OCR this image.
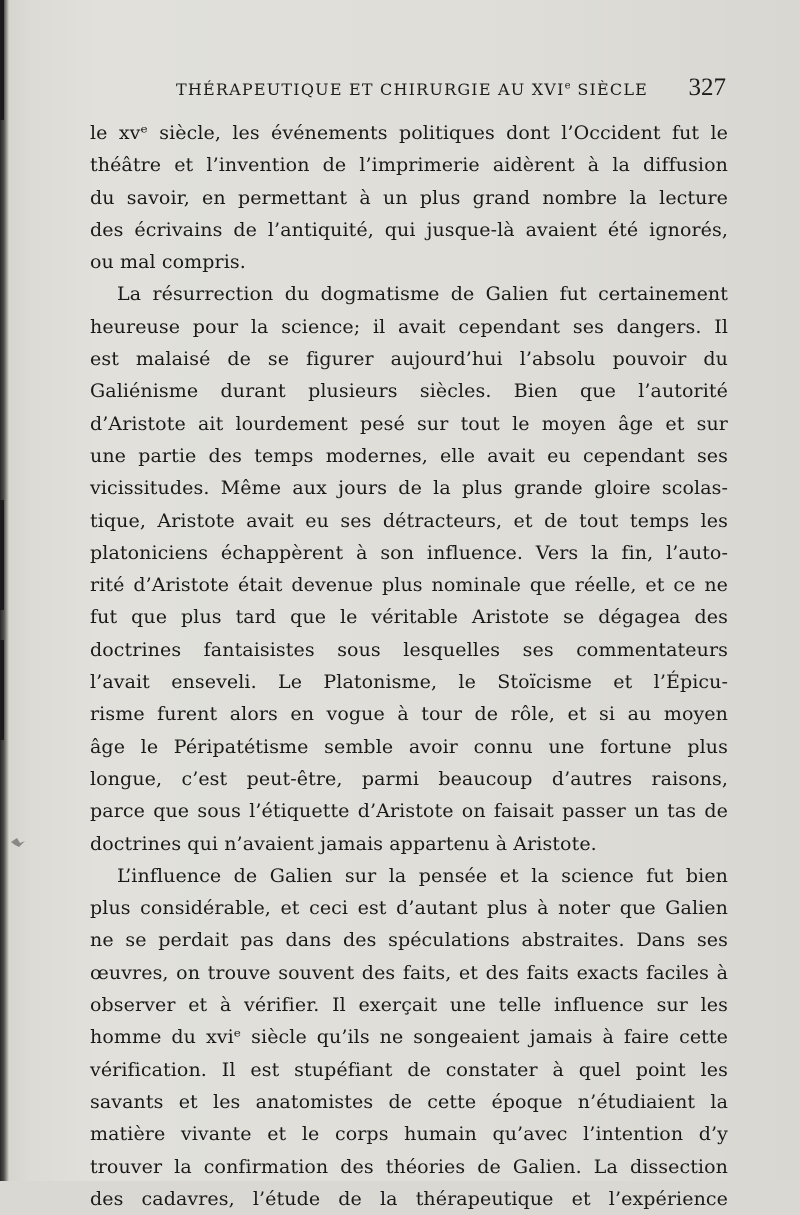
THÉRAPEUTIQUE ET CHIRURGIE AU XVIe SIÈCLE 327
le xvᵉ siècle, les événements politiques dont l’Occident fut le
théâtre et l’invention de l’imprimerie aidèrent à la diffusion
du savoir, en permettant à un plus grand nombre la lecture
des écrivains de l’antiquité, qui jusque-là avaient été ignorés,
ou mal compris.
La résurrection du dogmatisme de Galien fut certainement
heureuse pour la science; il avait cependant ses dangers. Il
est malaisé de se figurer aujourd’hui l’absolu pouvoir du
Galiénisme durant plusieurs siècles. Bien que l’autorité
d’Aristote ait lourdement pesé sur tout le moyen âge et sur
une partie des temps modernes, elle avait eu cependant ses
vicissitudes. Même aux jours de la plus grande gloire scolas-
tique, Aristote avait eu ses détracteurs, et de tout temps les
platoniciens échappèrent à son influence. Vers la fin, l’auto-
rité d’Aristote était devenue plus nominale que réelle, et ce ne
fut que plus tard que le véritable Aristote se dégagea des
doctrines fantaisistes sous lesquelles ses commentateurs
l’avait enseveli. Le Platonisme, le Stoïcisme et l’Épicu-
risme furent alors en vogue à tour de rôle, et si au moyen
âge le Péripatétisme semble avoir connu une fortune plus
longue, c’est peut-être, parmi beaucoup d’autres raisons,
parce que sous l’étiquette d’Aristote on faisait passer un tas de
doctrines qui n’avaient jamais appartenu à Aristote.
L’influence de Galien sur la pensée et la science fut bien
plus considérable, et ceci est d’autant plus à noter que Galien
ne se perdait pas dans des spéculations abstraites. Dans ses
œuvres, on trouve souvent des faits, et des faits exacts faciles à
observer et à vérifier. Il exerçait une telle influence sur les
homme du xviᵉ siècle qu’ils ne songeaient jamais à faire cette
vérification. Il est stupéfiant de constater à quel point les
savants et les anatomistes de cette époque n’étudiaient la
matière vivante et le corps humain qu’avec l’intention d’y
trouver la confirmation des théories de Galien. La dissection
des cadavres, l’étude de la thérapeutique et l’expérience
